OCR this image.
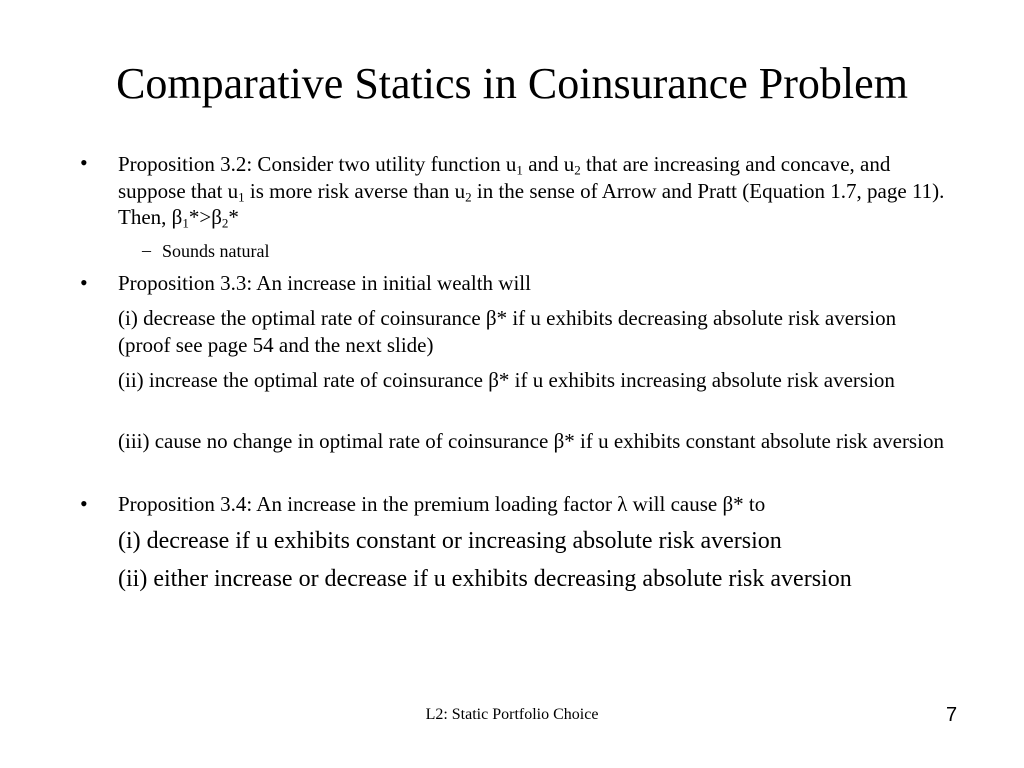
Comparative Statics in Coinsurance Problem
• Proposition 3.2: Consider two utility function $u_1$ and $u_2$ that are increasing and concave, and suppose that $u_1$ is more risk averse than $u_2$ in the sense of Arrow and Pratt (Equation 1.7, page 11). Then, $\beta_1*>\beta_2*$
– Sounds natural
• Proposition 3.3: An increase in initial wealth will
(i) decrease the optimal rate of coinsurance β* if u exhibits decreasing absolute risk aversion (proof see page 54 and the next slide)
(ii) increase the optimal rate of coinsurance β* if u exhibits increasing absolute risk aversion
(iii) cause no change in optimal rate of coinsurance β* if u exhibits constant absolute risk aversion
• Proposition 3.4: An increase in the premium loading factor λ will cause β* to
(i) decrease if u exhibits constant or increasing absolute risk aversion
(ii) either increase or decrease if u exhibits decreasing absolute risk aversion
L2: Static Portfolio Choice	7
